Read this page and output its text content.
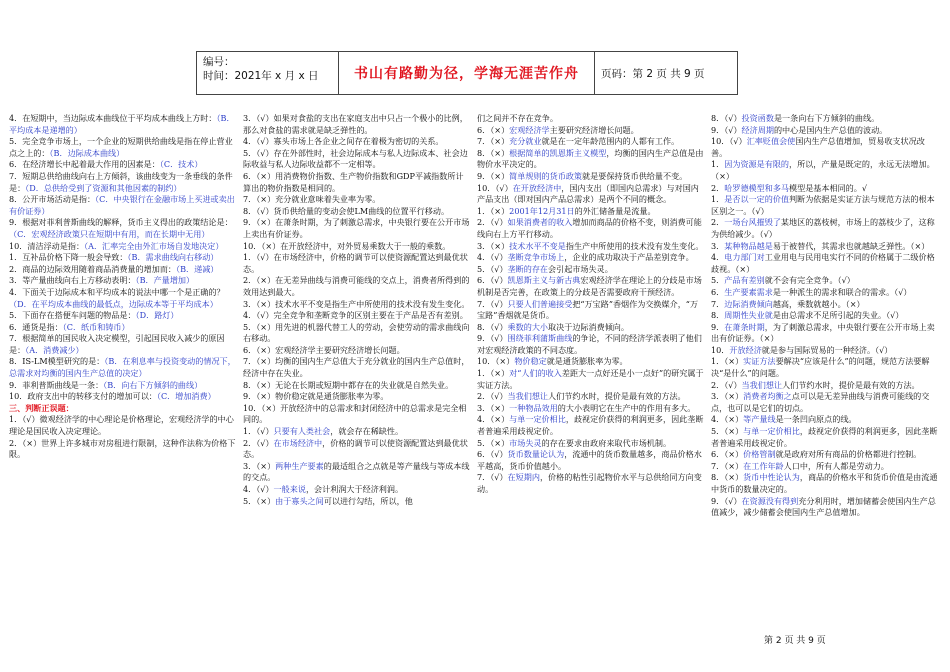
编号：
时间：2021年 x 月 x 日	书山有路勤为径，学海无涯苦作舟	页码：第 2 页 共 9 页

4．在短期中，当边际成本曲线位于平均成本曲线上方时：（B．平均成本是递增的）

5．完全竞争市场上，一个企业的短期供给曲线是指在停止营业点之上的：（B．边际成本曲线）

6．在经济增长中起着最大作用的因素是：（C．技术）

7．短期总供给曲线向右上方倾斜，该曲线变为一条垂线的条件是：（D．总供给受到了资源和其他因素的制约）

8．公开市场活动是指：（C．中央银行在金融市场上买进或卖出有价证券）

9．根据对菲利普斯曲线的解释，货币主义得出的政策结论是：（C．宏观经济政策只在短期中有用，而在长期中无用）

10．清洁浮动是指：（A．汇率完全由外汇市场自发地决定）

1．互补品价格下降一般会导致：（B．需求曲线向右移动）

2．商品的边际效用随着商品消费量的增加而：（B．递减）

3．等产量曲线向右上方移动表明：（B．产量增加）

4．下面关于边际成本和平均成本的说法中哪一个是正确的？（D．在平均成本曲线的最低点，边际成本等于平均成本）

5．下面存在搭便车问题的物品是：（D．路灯）

6．通货是指：（C．纸币和铸币）

7．根据简单的国民收入决定模型，引起国民收入减少的原因是：（A．消费减少）

8．IS-LM模型研究的是：（B．在利息率与投资变动的情况下，总需求对均衡的国内生产总值的决定）

9．菲利普斯曲线是一条：（B．向右下方倾斜的曲线）

10．政府支出中的转移支付的增加可以：（C．增加消费）

三、判断正误题：

1．（√）微观经济学的中心理论是价格理论，宏观经济学的中心理论是国民收入决定理论。

2．（×）世界上许多城市对房租进行限制，这种作法称为价格下限。

3．（√）如果对食盐的支出在家庭支出中只占一个极小的比例，那么对食盐的需求就是缺乏弹性的。

4．（√）寡头市场上各企业之间存在着极为密切的关系。

5．（√）存在外部性时，社会边际成本与私人边际成本、社会边际收益与私人边际收益都不一定相等。

6．（×）用消费物价指数、生产物价指数和GDP平减指数所计算出的物价指数是相同的。

7．（×）充分就业意味着失业率为零。

8．（√）货币供给量的变动会使LM曲线的位置平行移动。

9．（×）在萧条时期，为了刺激总需求，中央银行要在公开市场上卖出有价证券。

10．（×）在开放经济中，对外贸易乘数大于一般的乘数。

1．（√）在市场经济中，价格的调节可以使资源配置达到最优状态。

2．（×）在无差异曲线与消费可能线的交点上，消费者所得到的效用达到最大。

3．（×）技术水平不变是指生产中所使用的技术没有发生变化。

4．（√）完全竞争和垄断竞争的区别主要在于产品是否有差别。

5．（×）用先进的机器代替工人的劳动，会使劳动的需求曲线向右移动。

6．（×）宏观经济学主要研究经济增长问题。

7．（×）均衡的国内生产总值大于充分就业的国内生产总值时，经济中存在失业。

8．（×）无论在长期或短期中都存在的失业就是自然失业。

9．（×）物价稳定就是通货膨胀率为零。

10．（×）开放经济中的总需求和封闭经济中的总需求是完全相同的。

1．（√）只要有人类社会，就会存在稀缺性。

2．（√）在市场经济中，价格的调节可以使资源配置达到最优状态。

3．（×）两种生产要素的最适组合之点就是等产量线与等成本线的交点。

4．（√）一般来说，会计利润大于经济利润。

5．（×）由于寡头之间可以进行勾结，所以，他

们之间并不存在竞争。

6．（×）宏观经济学主要研究经济增长问题。

7．（×）充分就业就是在一定年龄范围内的人都有工作。

8．（×）根据简单的凯恩斯主义模型，均衡的国内生产总值是由物价水平决定的。

9．（×）简单规则的货币政策就是要保持货币供给量不变。

10．（√）在开放经济中，国内支出（即国内总需求）与对国内产品支出（即对国内产品总需求）是两个不同的概念。

1．（×）2001年12月31日的外汇储备量是流量。

2．（√）如果消费者的收入增加而商品的价格不变，则消费可能线向右上方平行移动。

3．（×）技术水平不变是指生产中所使用的技术没有发生变化。

4．（√）垄断竞争市场上，企业的成功取决于产品差别竞争。

5．（√）垄断的存在会引起市场失灵。

6．（√）凯恩斯主义与新古典宏观经济学在理论上的分歧是市场机制是否完善，在政策上的分歧是否需要政府干预经济。

7．（√）只要人们普遍接受把“万宝路”香烟作为交换媒介，“万宝路”香烟就是货币。

8．（√）乘数的大小取决于边际消费倾向。

9．（√）围绕菲利蒲斯曲线的争论，不同的经济学派表明了他们对宏观经济政策的不同态度。

10．（×）物价稳定就是通货膨胀率为零。

1．（×）对“人们的收入差距大一点好还是小一点好”的研究属于实证方法。

2．（√）当我们想让人们节约水时，提价是最有效的方法。

3．（×）一种物品效用的大小表明它在生产中的作用有多大。

4．（×）与单一定价相比，歧视定价获得的利润更多，因此垄断者普遍采用歧视定价。

5．（×）市场失灵的存在要求由政府来取代市场机制。

6．（√）货币数量论认为，流通中的货币数量越多，商品价格水平越高，货币价值越小。

7．（√）在短期内，价格的粘性引起物价水平与总供给同方向变动。

8．（√）投资函数是一条向右下方倾斜的曲线。

9．（√）经济周期的中心是国内生产总值的波动。

10．（√）汇率贬值会使国内生产总值增加，贸易收支状况改善。

1．因为资源是有限的，所以，产量是既定的，永远无法增加。（×）

2．哈罗德模型和多马模型是基本相同的。√

1．是否以一定的价值判断为依据是实证方法与规范方法的根本区别之一。（√）

2．一场台风摧毁了某地区的荔枝树，市场上的荔枝少了，这称为供给减少。（√）

3．某种物品越是易于被替代，其需求也就越缺乏弹性。（×）

4．电力部门对工业用电与民用电实行不同的价格属于二级价格歧视。（×）

5．产品有差别就不会有完全竞争。（√）

6．生产要素需求是一种派生的需求和联合的需求。（√）

7．边际消费倾向越高，乘数就越小。（×）

8．周期性失业就是由总需求不足所引起的失业。（√）

9．在萧条时期，为了刺激总需求，中央银行要在公开市场上卖出有价证券。（×）

10．开放经济就是参与国际贸易的一种经济。（√）

1．（×）实证方法要解决“应该是什么”的问题，规范方法要解决“是什么”的问题。

2．（√）当我们想让人们节约水时，提价是最有效的方法。

3．（×）消费者均衡之点可以是无差异曲线与消费可能线的交点，也可以是它们的切点。

4．（×）等产量线是一条凹向原点的线。

5．（×）与单一定价相比，歧视定价获得的利润更多，因此垄断者普遍采用歧视定价。

6．（×）价格管制就是政府对所有商品的价格都进行控制。

7．（×）在工作年龄人口中，所有人都是劳动力。

8．（×）货币中性论认为，商品的价格水平和货币价值是由流通中货币的数量决定的。

9．（√）在资源没有得到充分利用时，增加储蓄会使国内生产总值减少，减少储蓄会使国内生产总值增加。

第 2 页 共 9 页
